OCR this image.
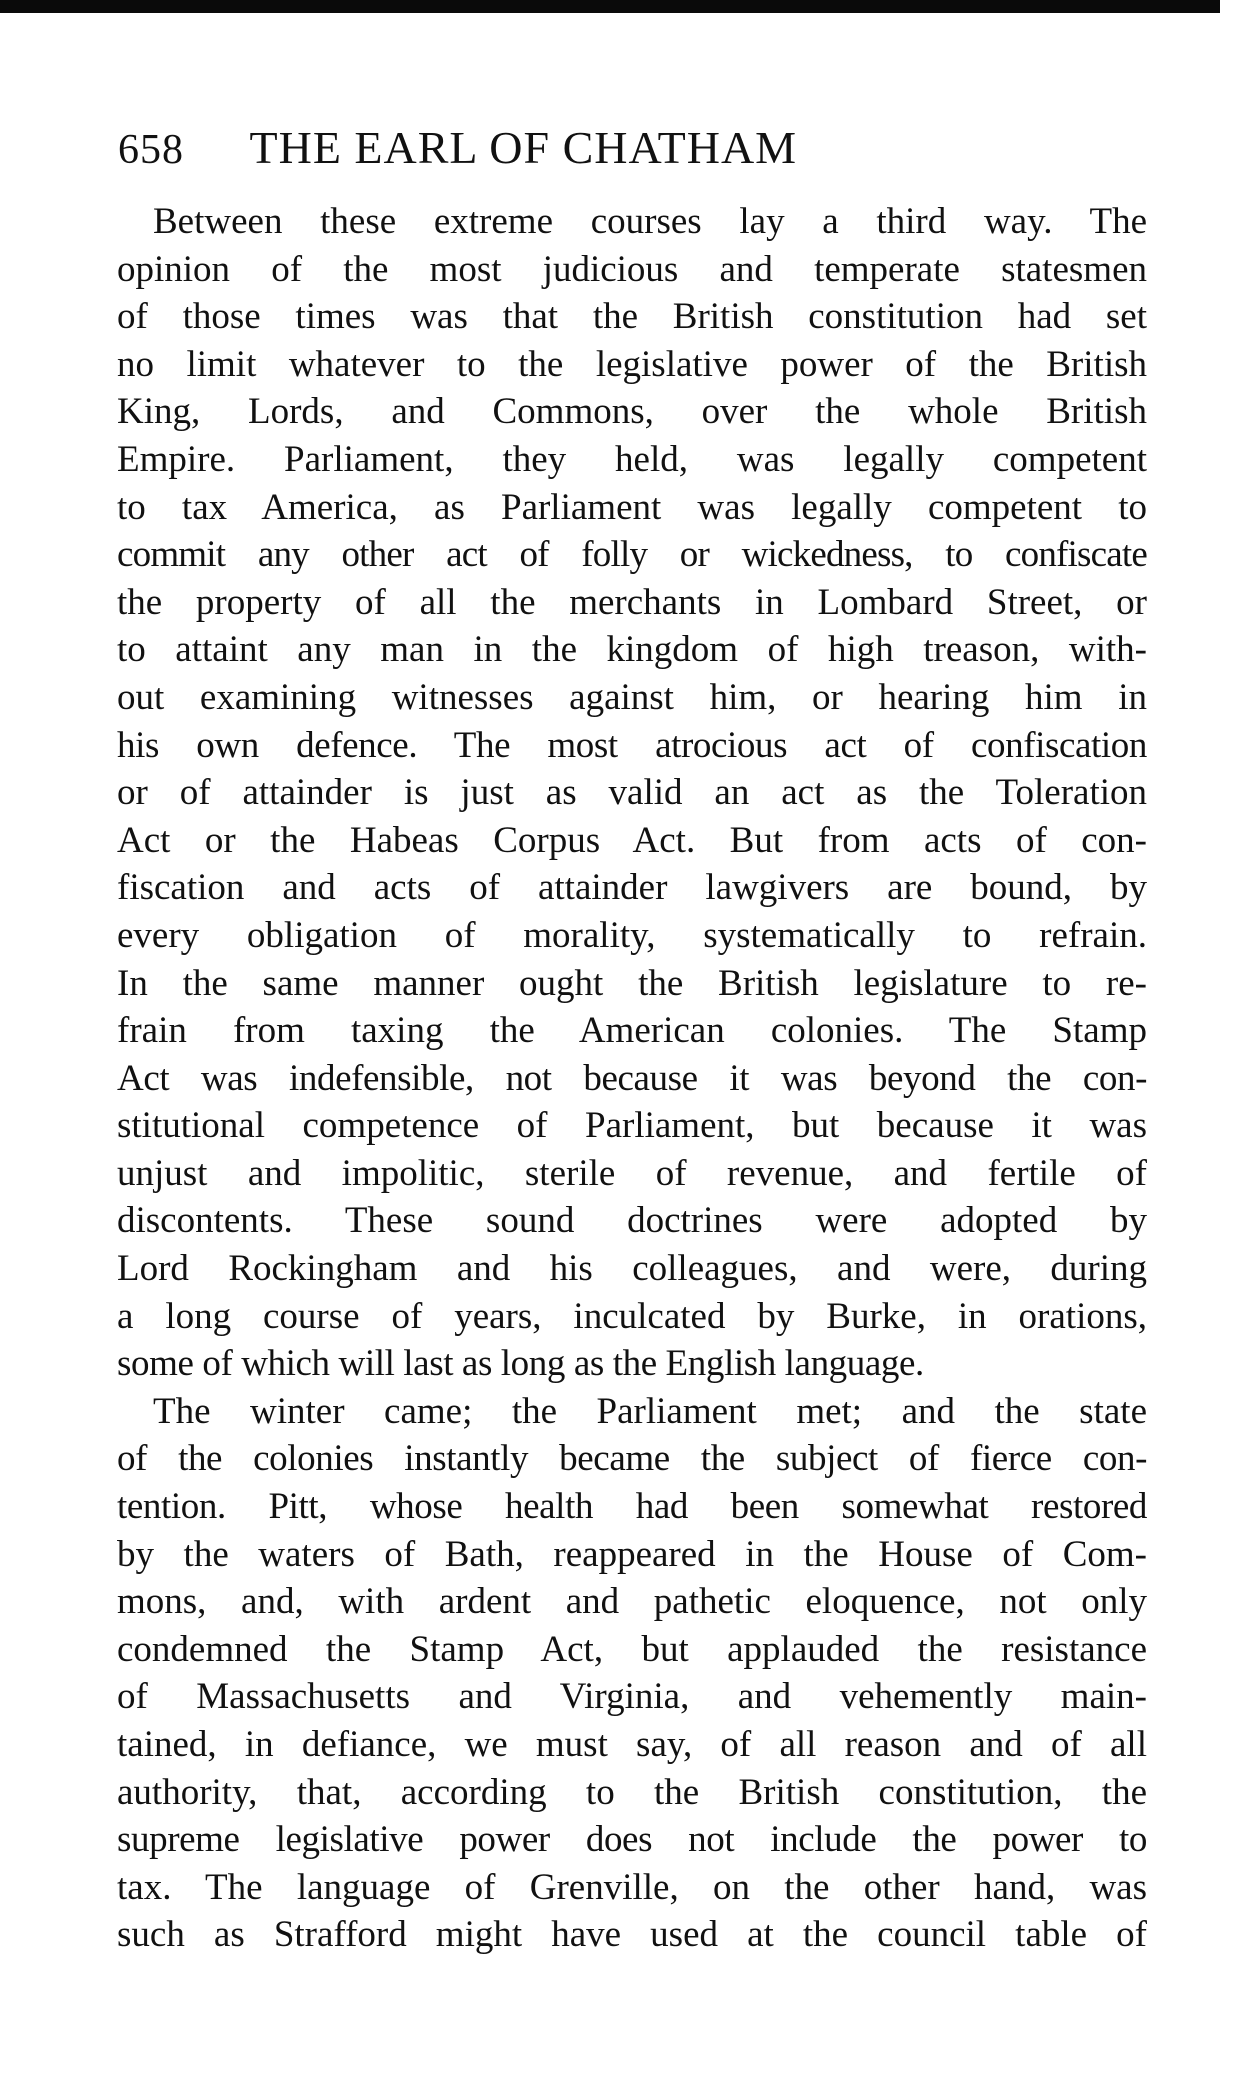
658 THE EARL OF CHATHAM
Between these extreme courses lay a third way. The
opinion of the most judicious and temperate statesmen
of those times was that the British constitution had set
no limit whatever to the legislative power of the British
King, Lords, and Commons, over the whole British
Empire. Parliament, they held, was legally competent
to tax America, as Parliament was legally competent to
commit any other act of folly or wickedness, to confiscate
the property of all the merchants in Lombard Street, or
to attaint any man in the kingdom of high treason, with-
out examining witnesses against him, or hearing him in
his own defence. The most atrocious act of confiscation
or of attainder is just as valid an act as the Toleration
Act or the Habeas Corpus Act. But from acts of con-
fiscation and acts of attainder lawgivers are bound, by
every obligation of morality, systematically to refrain.
In the same manner ought the British legislature to re-
frain from taxing the American colonies. The Stamp
Act was indefensible, not because it was beyond the con-
stitutional competence of Parliament, but because it was
unjust and impolitic, sterile of revenue, and fertile of
discontents. These sound doctrines were adopted by
Lord Rockingham and his colleagues, and were, during
a long course of years, inculcated by Burke, in orations,
some of which will last as long as the English language.
The winter came; the Parliament met; and the state
of the colonies instantly became the subject of fierce con-
tention. Pitt, whose health had been somewhat restored
by the waters of Bath, reappeared in the House of Com-
mons, and, with ardent and pathetic eloquence, not only
condemned the Stamp Act, but applauded the resistance
of Massachusetts and Virginia, and vehemently main-
tained, in defiance, we must say, of all reason and of all
authority, that, according to the British constitution, the
supreme legislative power does not include the power to
tax. The language of Grenville, on the other hand, was
such as Strafford might have used at the council table of
